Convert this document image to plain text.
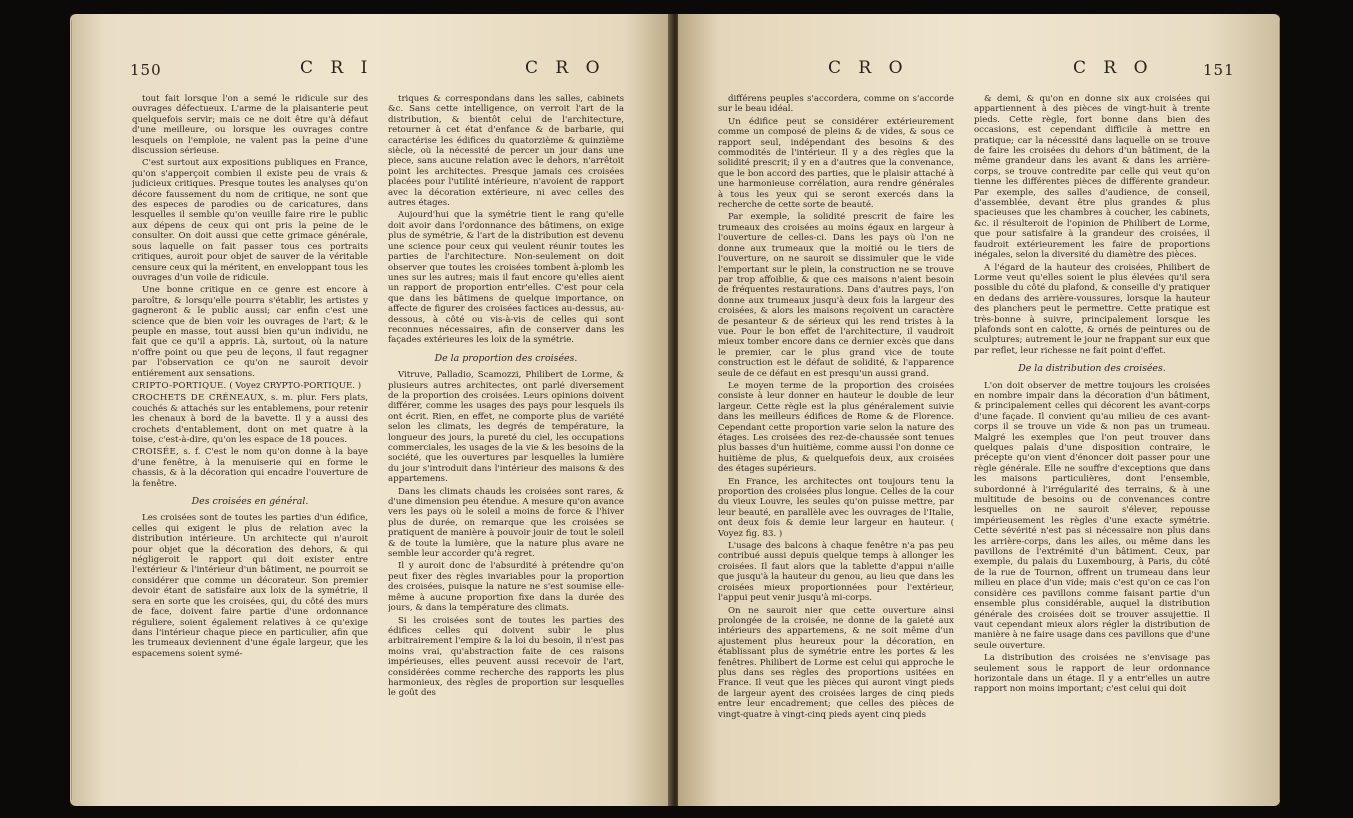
150	C R I	C R O

tout fait lorsque l'on a semé le ridicule sur des ouvrages défectueux. L'arme de la plaisanterie peut quelquefois servir; mais ce ne doit être qu'à défaut d'une meilleure, ou lorsque les ouvrages contre lesquels on l'emploie, ne valent pas la peine d'une discussion sérieuse.

C'est surtout aux expositions publiques en France, qu'on s'apperçoit combien il existe peu de vrais & judicieux critiques. Presque toutes les analyses qu'on décore faussement du nom de critique, ne sont que des especes de parodies ou de caricatures, dans lesquelles il semble qu'on veuille faire rire le public aux dépens de ceux qui ont pris la peine de le consulter. On doit aussi que cette grimace générale, sous laquelle on fait passer tous ces portraits critiques, auroit pour objet de sauver de la véritable censure ceux qui la méritent, en enveloppant tous les ouvrages d'un voile de ridicule.

Une bonne critique en ce genre est encore à paroître, & lorsqu'elle pourra s'établir, les artistes y gagneront & le public aussi; car enfin c'est une science que de bien voir les ouvrages de l'art; & le peuple en masse, tout aussi bien qu'un individu, ne fait que ce qu'il a appris. Là, surtout, où la nature n'offre point ou que peu de leçons, il faut regagner par l'observation ce qu'on ne sauroit devoir entiérement aux sensations.

CRIPTO-PORTIQUE. ( Voyez CRYPTO-PORTIQUE. )

CROCHETS DE CRÉNEAUX, s. m. plur. Fers plats, couchés & attachés sur les entablemens, pour retenir les chenaux à bord de la bavette. Il y a aussi des crochets d'entablement, dont on met quatre à la toise, c'est-à-dire, qu'on les espace de 18 pouces.

CROISÉE, s. f. C'est le nom qu'on donne à la baye d'une fenêtre, à la menuiserie qui en forme le chassis, & à la décoration qui encadre l'ouverture de la fenêtre.

Des croisées en général.

Les croisées sont de toutes les parties d'un édifice, celles qui exigent le plus de relation avec la distribution intérieure. Un architecte qui n'auroit pour objet que la décoration des dehors, & qui négligeroit le rapport qui doit exister entre l'extérieur & l'intérieur d'un bâtiment, ne pourroit se considérer que comme un décorateur. Son premier devoir étant de satisfaire aux loix de la symétrie, il sera en sorte que les croisées, qui, du côté des murs de face, doivent faire partie d'une ordonnance réguliere, soient également relatives à ce qu'exige dans l'intérieur chaque piece en particulier, afin que les trumeaux deviennent d'une égale largeur, que les espacemens soient symé-

triques & correspondans dans les salles, cabinets &c. Sans cette intelligence, on verroit l'art de la distribution, & bientôt celui de l'architecture, retourner à cet état d'enfance & de barbarie, qui caractérise les édifices du quatorzième & quinzième siècle, où la nécessité de percer un jour dans une piece, sans aucune relation avec le dehors, n'arrêtoit point les architectes. Presque jamais ces croisées placées pour l'utilité intérieure, n'avoient de rapport avec la décoration extérieure, ni avec celles des autres étages.

Aujourd'hui que la symétrie tient le rang qu'elle doit avoir dans l'ordonnance des bâtimens, on exige plus de symétrie, & l'art de la distribution est devenu une science pour ceux qui veulent réunir toutes les parties de l'architecture. Non-seulement on doit observer que toutes les croisées tombent à-plomb les unes sur les autres; mais il faut encore qu'elles aient un rapport de proportion entr'elles. C'est pour cela que dans les bâtimens de quelque importance, on affecte de figurer des croisées factices au-dessus, au-dessous, à côté ou vis-à-vis de celles qui sont reconnues nécessaires, afin de conserver dans les façades extérieures les loix de la symétrie.

De la proportion des croisées.

Vitruve, Palladio, Scamozzi, Philibert de Lorme, & plusieurs autres architectes, ont parlé diversement de la proportion des croisées. Leurs opinions doivent différer, comme les usages des pays pour lesquels ils ont écrit. Rien, en effet, ne comporte plus de variété selon les climats, les degrés de température, la longueur des jours, la pureté du ciel, les occupations commerciales, les usages de la vie & les besoins de la société, que les ouvertures par lesquelles la lumière du jour s'introduit dans l'intérieur des maisons & des appartemens.

Dans les climats chauds les croisées sont rares, & d'une dimension peu étendue. A mesure qu'on avance vers les pays où le soleil a moins de force & l'hiver plus de durée, on remarque que les croisées se pratiquent de manière à pouvoir jouir de tout le soleil & de toute la lumière, que la nature plus avare ne semble leur accorder qu'à regret.

Il y auroit donc de l'absurdité à prétendre qu'on peut fixer des règles invariables pour la proportion des croisées, puisque la nature ne s'est soumise elle-même à aucune proportion fixe dans la durée des jours, & dans la température des climats.

Si les croisées sont de toutes les parties des édifices celles qui doivent subir le plus arbitrairement l'empire & la loi du besoin, il n'est pas moins vrai, qu'abstraction faite de ces raisons impérieuses, elles peuvent aussi recevoir de l'art, considérées comme recherche des rapports les plus harmonieux, des règles de proportion sur lesquelles le goût des

C R O	C R O	151

différens peuples s'accordera, comme on s'accorde sur le beau idéal.

Un édifice peut se considérer extérieurement comme un composé de pleins & de vides, & sous ce rapport seul, indépendant des besoins & des commodités de l'intérieur. Il y a des règles que la solidité prescrit; il y en a d'autres que la convenance, que le bon accord des parties, que le plaisir attaché à une harmonieuse corrélation, aura rendre générales à tous les yeux qui se seront exercés dans la recherche de cette sorte de beauté.

Par exemple, la solidité prescrit de faire les trumeaux des croisées au moins égaux en largeur à l'ouverture de celles-ci. Dans les pays où l'on ne donne aux trumeaux que la moitié ou le tiers de l'ouverture, on ne sauroit se dissimuler que le vide l'emportant sur le plein, la construction ne se trouve par trop affoiblie, & que ces maisons n'aient besoin de fréquentes restaurations. Dans d'autres pays, l'on donne aux trumeaux jusqu'à deux fois la largeur des croisées, & alors les maisons reçoivent un caractère de pesanteur & de sérieux qui les rend tristes à la vue. Pour le bon effet de l'architecture, il vaudroit mieux tomber encore dans ce dernier excès que dans le premier, car le plus grand vice de toute construction est le défaut de solidité, & l'apparence seule de ce défaut en est presqu'un aussi grand.

Le moyen terme de la proportion des croisées consiste à leur donner en hauteur le double de leur largeur. Cette règle est la plus généralement suivie dans les meilleurs édifices de Rome & de Florence. Cependant cette proportion varie selon la nature des étages. Les croisées des rez-de-chaussée sont tenues plus basses d'un huitième, comme aussi l'on donne ce huitième de plus, & quelquefois deux, aux croisées des étages supérieurs.

En France, les architectes ont toujours tenu la proportion des croisées plus longue. Celles de la cour du vieux Louvre, les seules qu'on puisse mettre, par leur beauté, en parallèle avec les ouvrages de l'Italie, ont deux fois & demie leur largeur en hauteur. ( Voyez fig. 83. )

L'usage des balcons à chaque fenêtre n'a pas peu contribué aussi depuis quelque temps à allonger les croisées. Il faut alors que la tablette d'appui n'aille que jusqu'à la hauteur du genou, au lieu que dans les croisées mieux proportionnées pour l'extérieur, l'appui peut venir jusqu'à mi-corps.

On ne sauroit nier que cette ouverture ainsi prolongée de la croisée, ne donne de la gaieté aux intérieurs des appartemens, & ne soit même d'un ajustement plus heureux pour la décoration, en établissant plus de symétrie entre les portes & les fenêtres. Philibert de Lorme est celui qui approche le plus dans ses règles des proportions usitées en France. Il veut que les pièces qui auront vingt pieds de largeur ayent des croisées larges de cinq pieds entre leur encadrement; que celles des pièces de vingt-quatre à vingt-cinq pieds ayent cinq pieds

& demi, & qu'on en donne six aux croisées qui appartiennent à des pièces de vingt-huit à trente pieds. Cette règle, fort bonne dans bien des occasions, est cependant difficile à mettre en pratique; car la nécessité dans laquelle on se trouve de faire les croisées du dehors d'un bâtiment, de la même grandeur dans les avant & dans les arrière-corps, se trouve contredite par celle qui veut qu'on tienne les différentes pièces de différente grandeur. Par exemple, des salles d'audience, de conseil, d'assemblée, devant être plus grandes & plus spacieuses que les chambres à coucher, les cabinets, &c. il résulteroit de l'opinion de Philibert de Lorme, que pour satisfaire à la grandeur des croisées, il faudroit extérieurement les faire de proportions inégales, selon la diversité du diamètre des pièces.

A l'égard de la hauteur des croisées, Philibert de Lorme veut qu'elles soient le plus élevées qu'il sera possible du côté du plafond, & conseille d'y pratiquer en dedans des arrière-voussures, lorsque la hauteur des planchers peut le permettre. Cette pratique est très-bonne à suivre, principalement lorsque les plafonds sont en calotte, & ornés de peintures ou de sculptures; autrement le jour ne frappant sur eux que par reflet, leur richesse ne fait point d'effet.

De la distribution des croisées.

L'on doit observer de mettre toujours les croisées en nombre impair dans la décoration d'un bâtiment, & principalement celles qui décorent les avant-corps d'une façade. Il convient qu'au milieu de ces avant-corps il se trouve un vide & non pas un trumeau. Malgré les exemples que l'on peut trouver dans quelques palais d'une disposition contraire, le précepte qu'on vient d'énoncer doit passer pour une règle générale. Elle ne souffre d'exceptions que dans les maisons particulières, dont l'ensemble, subordonné à l'irrégularité des terrains, & à une multitude de besoins ou de convenances contre lesquelles on ne sauroit s'élever, repousse impérieusement les règles d'une exacte symétrie. Cette sévérité n'est pas si nécessaire non plus dans les arrière-corps, dans les ailes, ou même dans les pavillons de l'extrémité d'un bâtiment. Ceux, par exemple, du palais du Luxembourg, à Paris, du côté de la rue de Tournon, offrent un trumeau dans leur milieu en place d'un vide; mais c'est qu'on ce cas l'on considère ces pavillons comme faisant partie d'un ensemble plus considérable, auquel la distribution générale des croisées doit se trouver assujettie. Il vaut cependant mieux alors régler la distribution de manière à ne faire usage dans ces pavillons que d'une seule ouverture.

La distribution des croisées ne s'envisage pas seulement sous le rapport de leur ordonnance horizontale dans un étage. Il y a entr'elles un autre rapport non moins important; c'est celui qui doit
